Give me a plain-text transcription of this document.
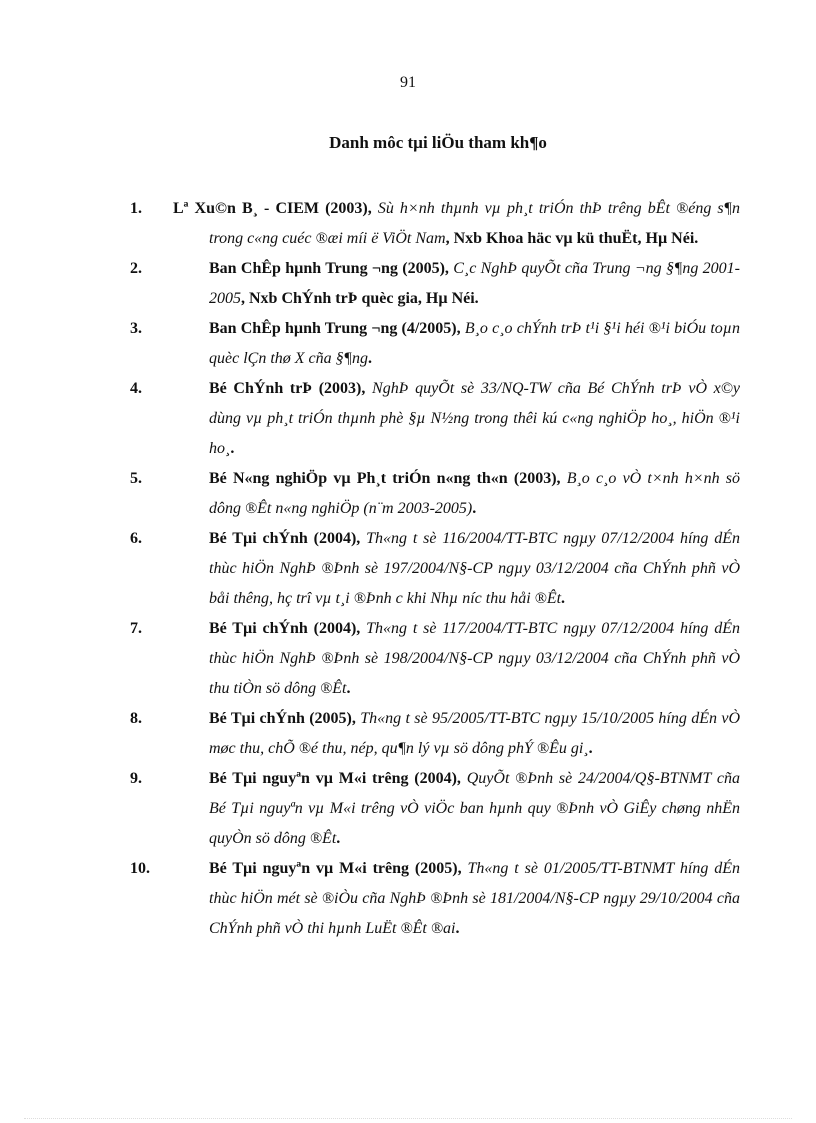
91
Danh môc tµi liÖu tham kh¶o
1.	Lª Xu©n B¸ - CIEM (2003), Sù h×nh thµnh vµ ph¸t triÓn thÞ trêng bÊt ®éng s¶n trong c«ng cuéc ®æi míi ë ViÖt Nam, Nxb Khoa häc vµ kü thuËt, Hµ Néi.
2.	Ban ChÊp hµnh Trung ¬ng (2005), C¸c NghÞ quyÕt cña Trung ¬ng §¶ng 2001-2005, Nxb ChÝnh trÞ quèc gia, Hµ Néi.
3.	Ban ChÊp hµnh Trung ¬ng (4/2005), B¸o c¸o chÝnh trÞ t¹i §¹i héi ®¹i biÓu toµn quèc lÇn thø X cña §¶ng.
4.	Bé ChÝnh trÞ (2003), NghÞ quyÕt sè 33/NQ-TW cña Bé ChÝnh trÞ vÒ x©y dùng vµ ph¸t triÓn thµnh phè §µ N½ng trong thêi kú c«ng nghiÖp ho¸, hiÖn ®¹i ho¸.
5.	Bé N«ng nghiÖp vµ Ph¸t triÓn n«ng th«n (2003), B¸o c¸o vÒ t×nh h×nh sö dông ®Êt n«ng nghiÖp (n¨m 2003-2005).
6.	Bé Tµi chÝnh (2004), Th«ng t sè 116/2004/TT-BTC ngµy 07/12/2004 híng dÉn thùc hiÖn NghÞ ®Þnh sè 197/2004/N§-CP ngµy 03/12/2004 cña ChÝnh phñ vÒ båi thêng, hç trî vµ t¸i ®Þnh c khi Nhµ níc thu håi ®Êt.
7.	Bé Tµi chÝnh (2004), Th«ng t sè 117/2004/TT-BTC ngµy 07/12/2004 híng dÉn thùc hiÖn NghÞ ®Þnh sè 198/2004/N§-CP ngµy 03/12/2004 cña ChÝnh phñ vÒ thu tiÒn sö dông ®Êt.
8.	Bé Tµi chÝnh (2005), Th«ng t sè 95/2005/TT-BTC ngµy 15/10/2005 híng dÉn vÒ møc thu, chÕ ®é thu, nép, qu¶n lý vµ sö dông phÝ ®Êu gi¸.
9.	Bé Tµi nguyªn vµ M«i trêng (2004), QuyÕt ®Þnh sè 24/2004/Q§-BTNMT cña Bé Tµi nguyªn vµ M«i trêng vÒ viÖc ban hµnh quy ®Þnh vÒ GiÊy chøng nhËn quyÒn sö dông ®Êt.
10.	Bé Tµi nguyªn vµ M«i trêng (2005), Th«ng t sè 01/2005/TT-BTNMT híng dÉn thùc hiÖn mét sè ®iÒu cña NghÞ ®Þnh sè 181/2004/N§-CP ngµy 29/10/2004 cña ChÝnh phñ vÒ thi hµnh LuËt ®Êt ®ai.
